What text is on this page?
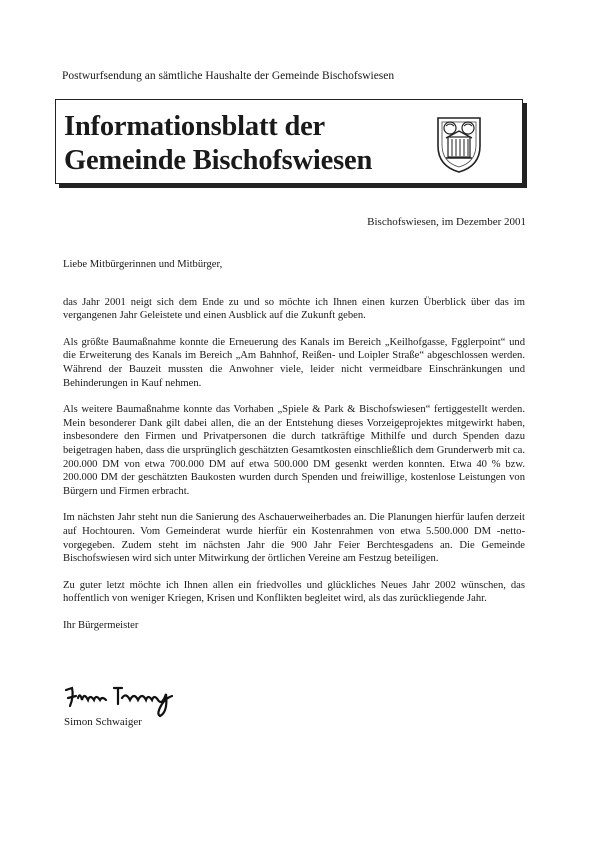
Postwurfsendung an sämtliche Haushalte der Gemeinde Bischofswiesen
Informationsblatt der
Gemeinde Bischofswiesen
Bischofswiesen, im Dezember 2001

Liebe Mitbürgerinnen und Mitbürger,

das Jahr 2001 neigt sich dem Ende zu und so möchte ich Ihnen einen kurzen Überblick über das im vergangenen Jahr Geleistete und einen Ausblick auf die Zukunft geben.

Als größte Baumaßnahme konnte die Erneuerung des Kanals im Bereich „Keilhofgasse, Fgglerpoint“ und die Erweiterung des Kanals im Bereich „Am Bahnhof, Reißen- und Loipler Straße“ abgeschlossen werden. Während der Bauzeit mussten die Anwohner viele, leider nicht vermeidbare Einschränkungen und Behinderungen in Kauf nehmen.

Als weitere Baumaßnahme konnte das Vorhaben „Spiele & Park & Bischofswiesen“ fertiggestellt werden. Mein besonderer Dank gilt dabei allen, die an der Entstehung dieses Vorzeigeprojektes mitgewirkt haben, insbesondere den Firmen und Privatpersonen die durch tatkräftige Mithilfe und durch Spenden dazu beigetragen haben, dass die ursprünglich geschätzten Gesamtkosten einschließlich dem Grunderwerb mit ca. 200.000 DM von etwa 700.000 DM auf etwa 500.000 DM gesenkt werden konnten. Etwa 40 % bzw. 200.000 DM der geschätzten Baukosten wurden durch Spenden und freiwillige, kostenlose Leistungen von Bürgern und Firmen erbracht.

Im nächsten Jahr steht nun die Sanierung des Aschauerweiherbades an. Die Planungen hierfür laufen derzeit auf Hochtouren. Vom Gemeinderat wurde hierfür ein Kostenrahmen von etwa 5.500.000 DM -netto- vorgegeben. Zudem steht im nächsten Jahr die 900 Jahr Feier Berchtesgadens an. Die Gemeinde Bischofswiesen wird sich unter Mitwirkung der örtlichen Vereine am Festzug beteiligen.

Zu guter letzt möchte ich Ihnen allen ein friedvolles und glückliches Neues Jahr 2002 wünschen, das hoffentlich von weniger Kriegen, Krisen und Konflikten begleitet wird, als das zurückliegende Jahr.

Ihr Bürgermeister

Simon Schwaiger
